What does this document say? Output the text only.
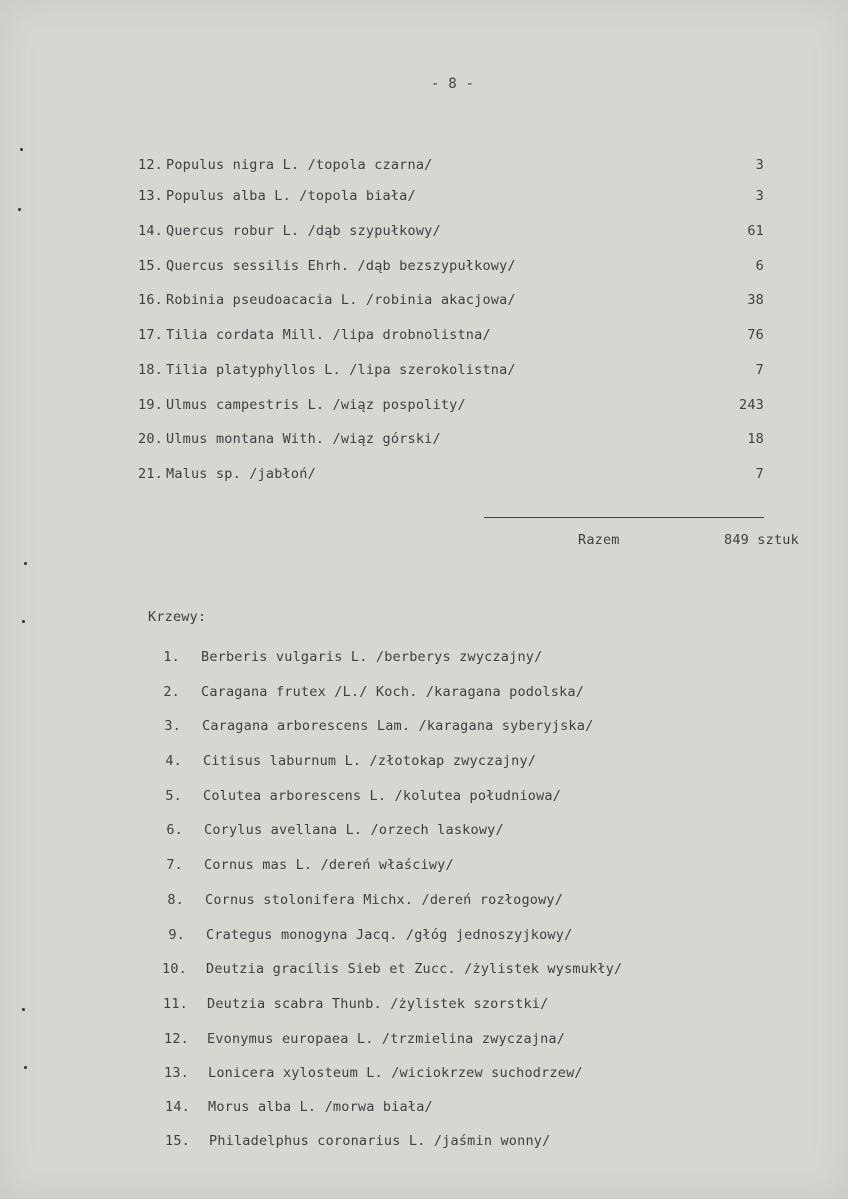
- 8 -
12. Populus nigra L. /topola czarna/	3
13. Populus alba L. /topola biała/	3
14. Quercus robur L. /dąb szypułkowy/	61
15. Quercus sessilis Ehrh. /dąb bezszypułkowy/	6
16. Robinia pseudoacacia L. /robinia akacjowa/	38
17. Tilia cordata Mill. /lipa drobnolistna/	76
18. Tilia platyphyllos L. /lipa szerokolistna/	7
19. Ulmus campestris L. /wiąz pospolity/	243
20. Ulmus montana With. /wiąz górski/	18
21. Malus sp. /jabłoń/	7
Razem	849 sztuk
Krzewy:
1. Berberis vulgaris L. /berberys zwyczajny/
2. Caragana frutex /L./ Koch. /karagana podolska/
3. Caragana arborescens Lam. /karagana syberyjska/
4. Citisus laburnum L. /złotokap zwyczajny/
5. Colutea arborescens L. /kolutea południowa/
6. Corylus avellana L. /orzech laskowy/
7. Cornus mas L. /dereń właściwy/
8. Cornus stolonifera Michx. /dereń rozłogowy/
9. Crategus monogyna Jacq. /głóg jednoszyjkowy/
10. Deutzia gracilis Sieb et Zucc. /żylistek wysmukły/
11. Deutzia scabra Thunb. /żylistek szorstki/
12. Evonymus europaea L. /trzmielina zwyczajna/
13. Lonicera xylosteum L. /wiciokrzew suchodrzew/
14. Morus alba L. /morwa biała/
15. Philadelphus coronarius L. /jaśmin wonny/
